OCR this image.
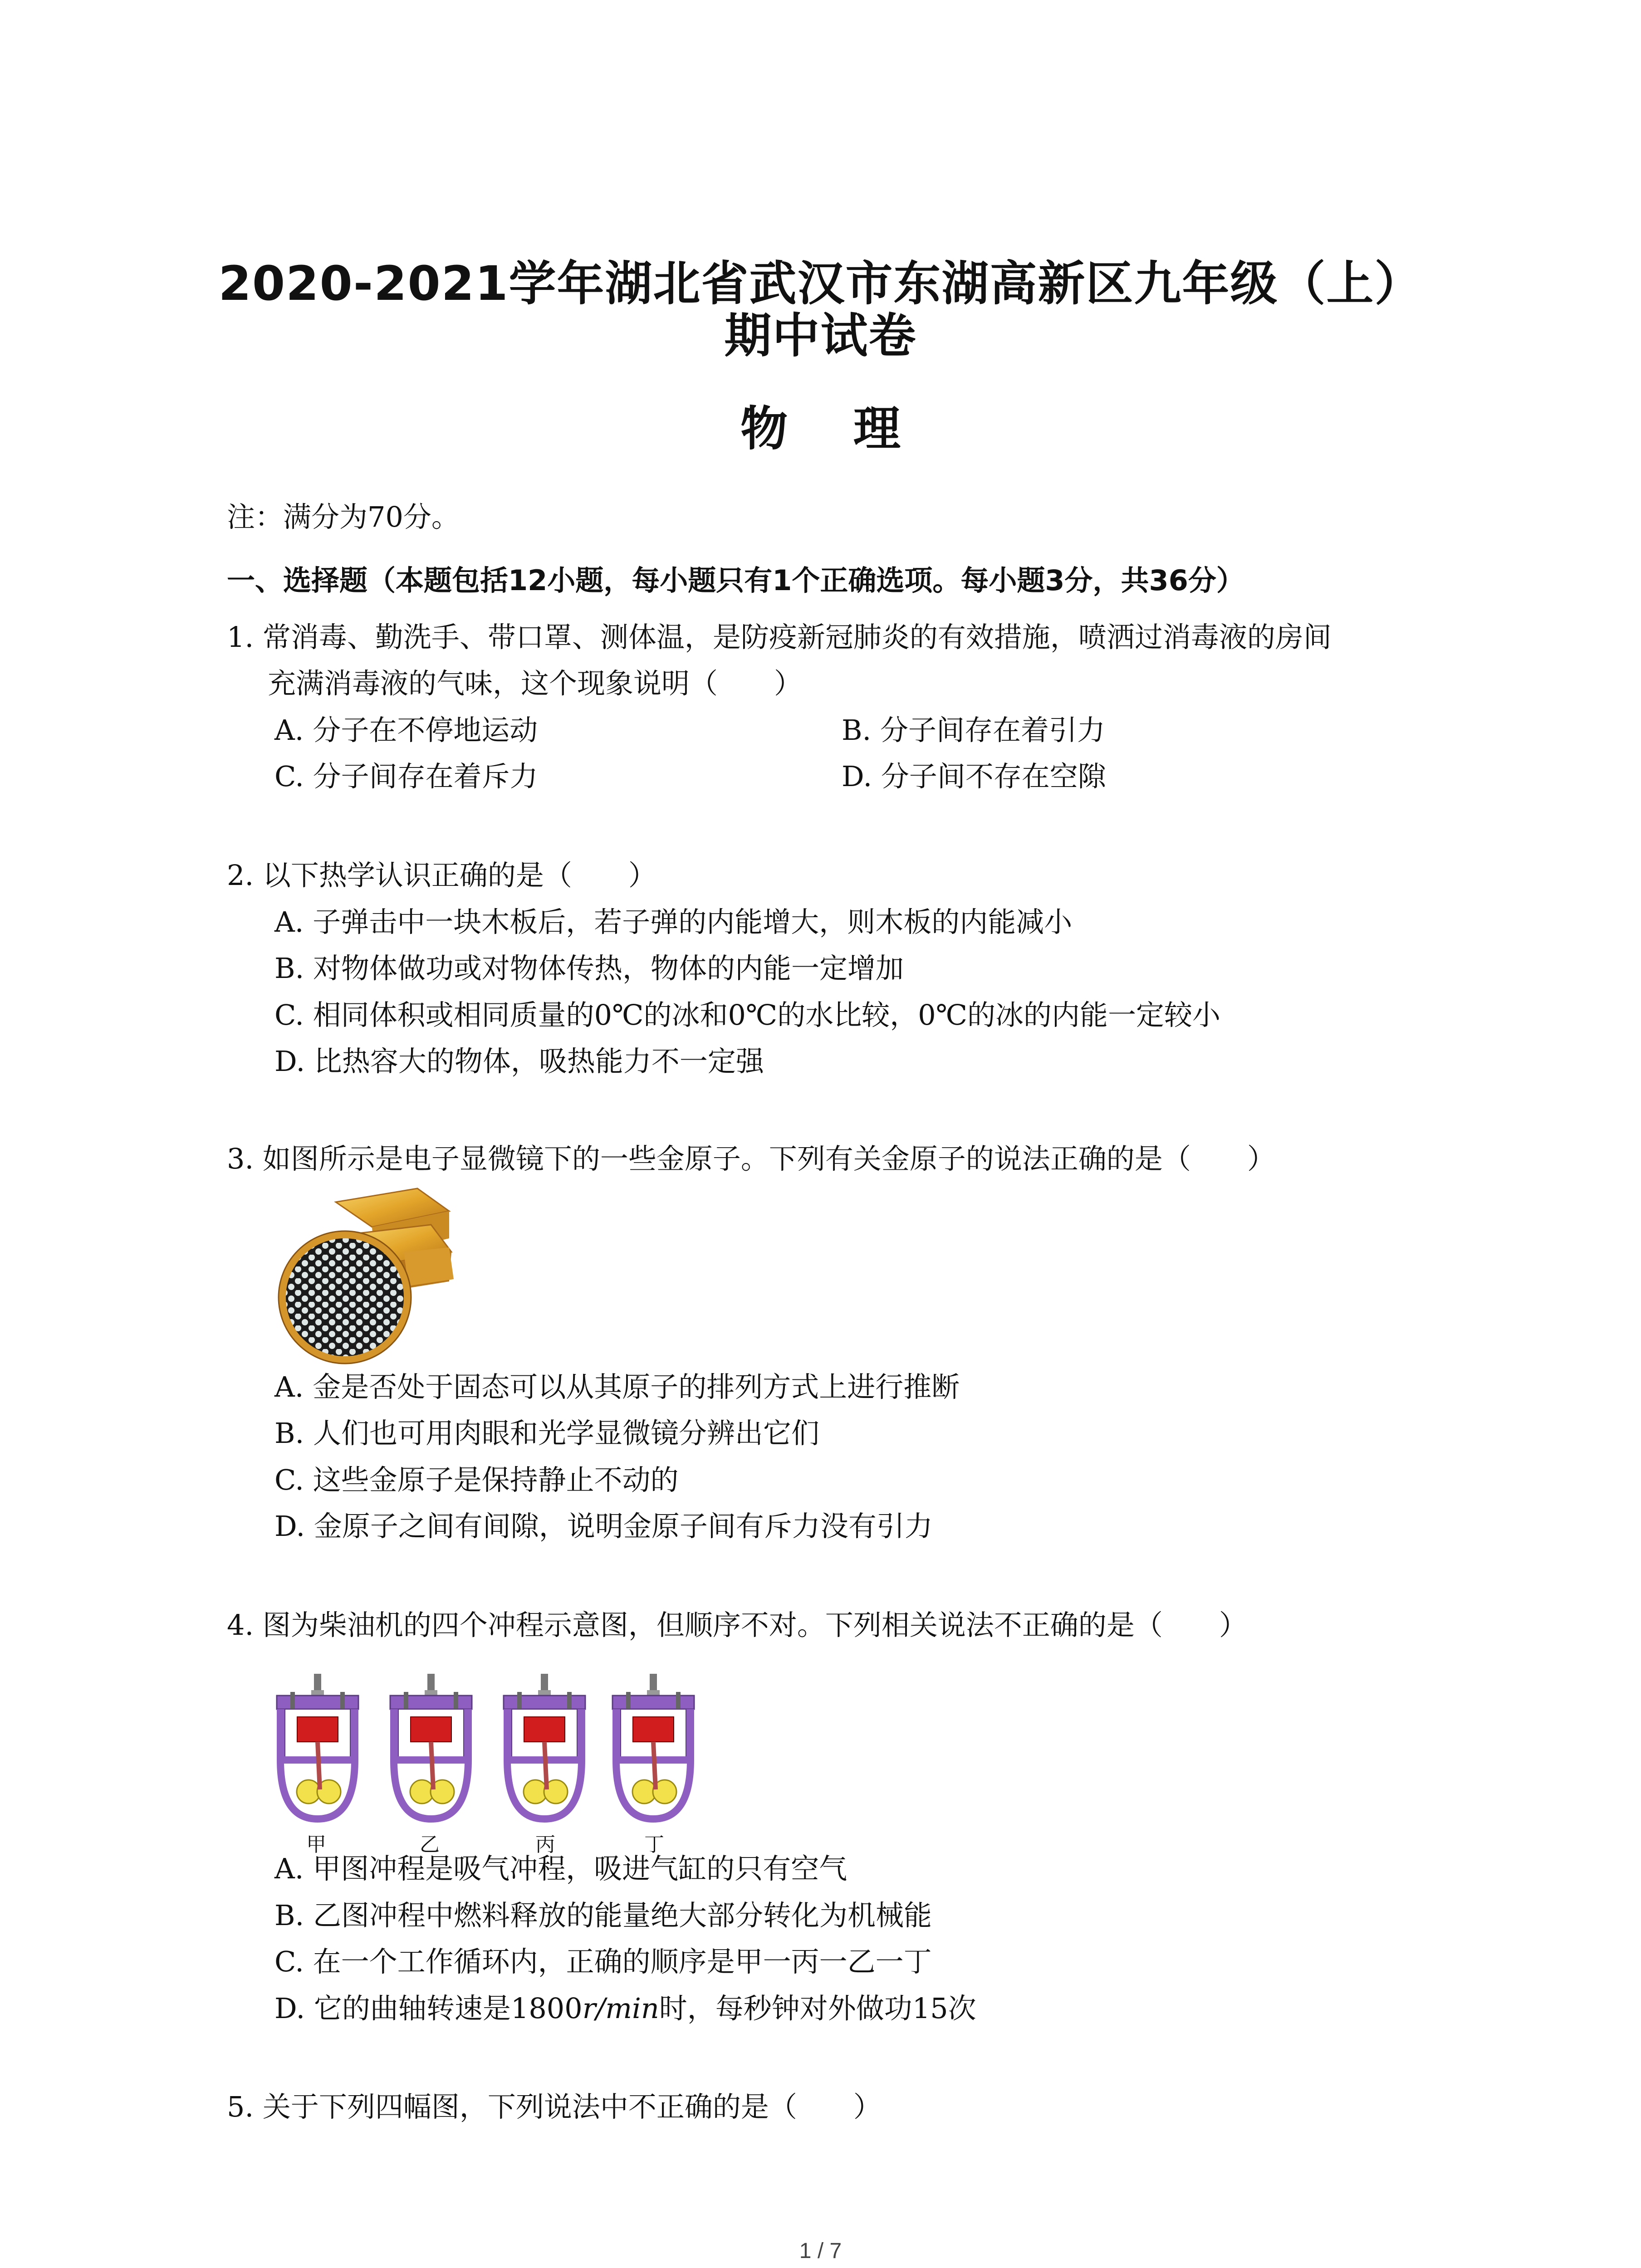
2020-2021学年湖北省武汉市东湖高新区九年级（上）
期中试卷
物    理
注：满分为70分。
一、选择题（本题包括12小题，每小题只有1个正确选项。每小题3分，共36分）
1. 常消毒、勤洗手、带口罩、测体温，是防疫新冠肺炎的有效措施，喷洒过消毒液的房间
充满消毒液的气味，这个现象说明（　　）
A. 分子在不停地运动	B. 分子间存在着引力
C. 分子间存在着斥力	D. 分子间不存在空隙
2. 以下热学认识正确的是（　　）
A. 子弹击中一块木板后，若子弹的内能增大，则木板的内能减小
B. 对物体做功或对物体传热，物体的内能一定增加
C. 相同体积或相同质量的0℃的冰和0℃的水比较，0℃的冰的内能一定较小
D. 比热容大的物体，吸热能力不一定强
3. 如图所示是电子显微镜下的一些金原子。下列有关金原子的说法正确的是（　　）
A. 金是否处于固态可以从其原子的排列方式上进行推断
B. 人们也可用肉眼和光学显微镜分辨出它们
C. 这些金原子是保持静止不动的
D. 金原子之间有间隙，说明金原子间有斥力没有引力
4. 图为柴油机的四个冲程示意图，但顺序不对。下列相关说法不正确的是（　　）
甲	乙	丙	丁
A. 甲图冲程是吸气冲程，吸进气缸的只有空气
B. 乙图冲程中燃料释放的能量绝大部分转化为机械能
C. 在一个工作循环内，正确的顺序是甲一丙一乙一丁
D. 它的曲轴转速是1800r/min时，每秒钟对外做功15次
5. 关于下列四幅图，下列说法中不正确的是（　　）
1 / 7
